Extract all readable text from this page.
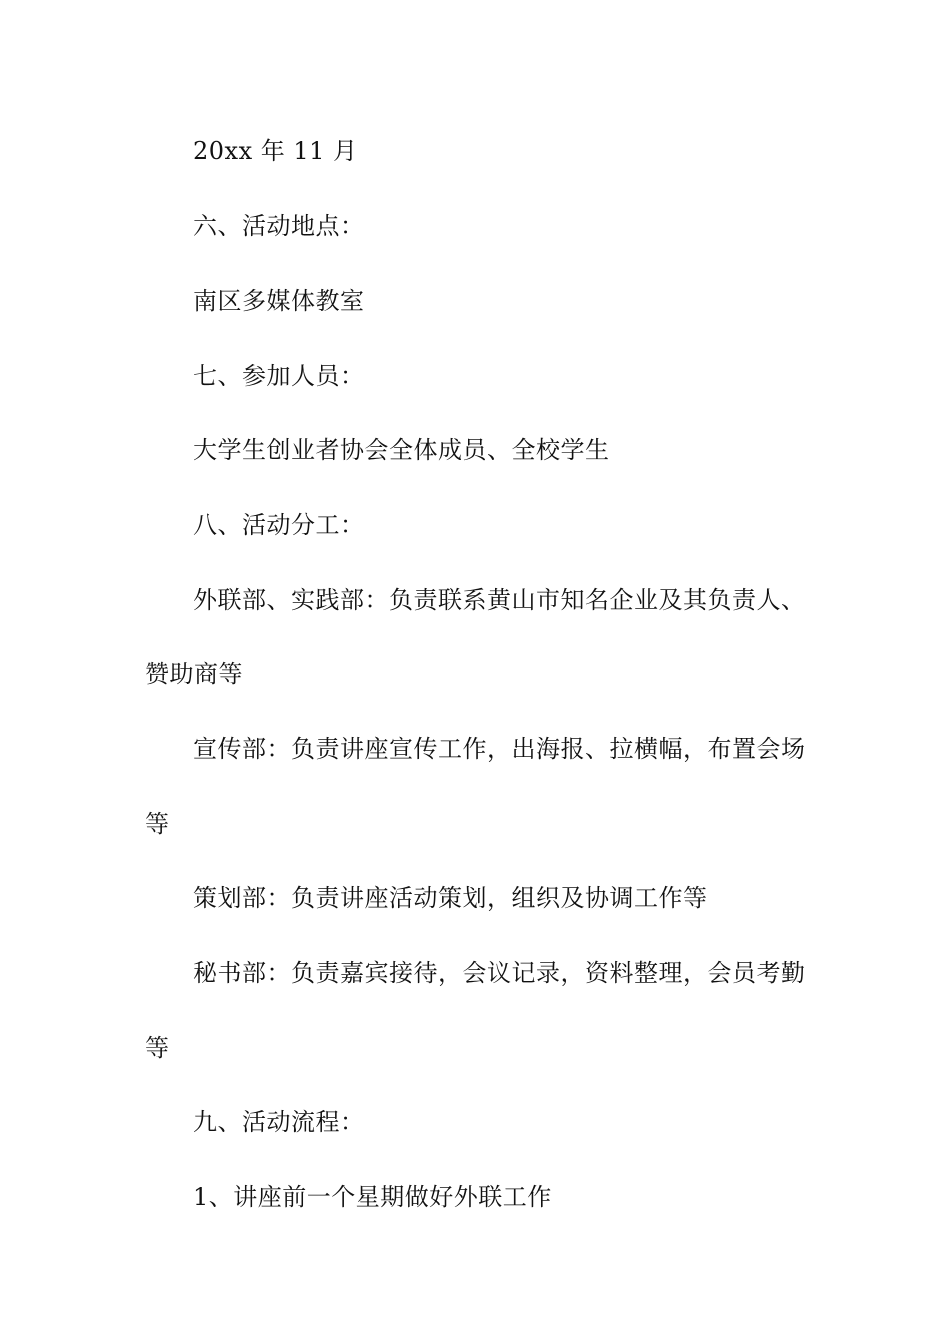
20xx 年 11 月
六、活动地点：
南区多媒体教室
七、参加人员：
大学生创业者协会全体成员、全校学生
八、活动分工：
外联部、实践部：负责联系黄山市知名企业及其负责人、
赞助商等
宣传部：负责讲座宣传工作，出海报、拉横幅，布置会场
等
策划部：负责讲座活动策划，组织及协调工作等
秘书部：负责嘉宾接待，会议记录，资料整理，会员考勤
等
九、活动流程：
1、讲座前一个星期做好外联工作
